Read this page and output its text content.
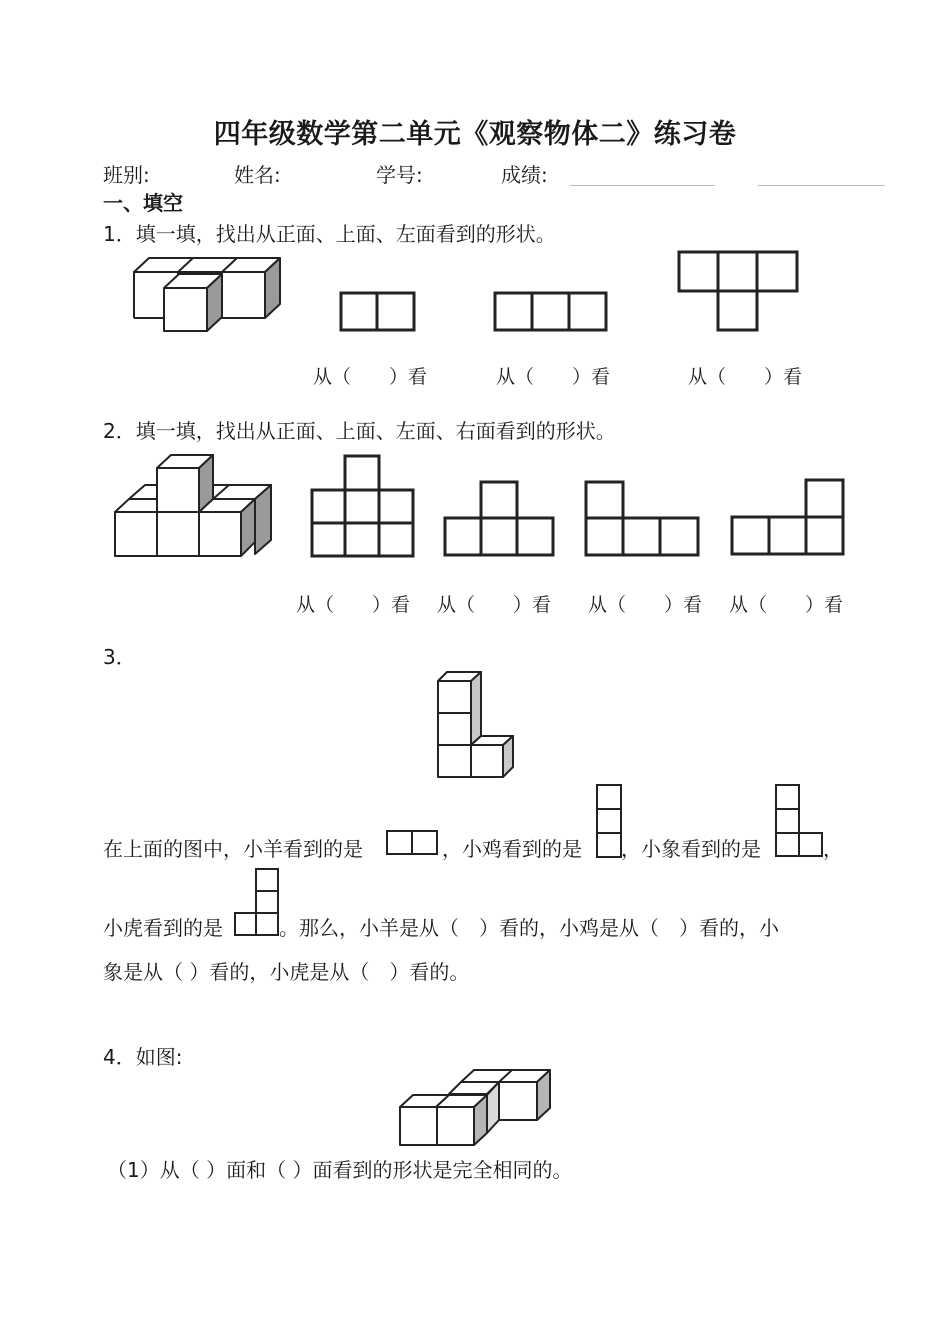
四年级数学第二单元《观察物体二》练习卷
班别:	姓名:	学号:	成绩:
一、填空
1．填一填，找出从正面、上面、左面看到的形状。
从（　　）看	从（　　）看	从（　　）看
2．填一填，找出从正面、上面、左面、右面看到的形状。
从（　　）看 从（　　）看 从（　　）看 从（　　）看
3．
在上面的图中，小羊看到的是	，小鸡看到的是 ，小象看到的是	，
小虎看到的是	。那么，小羊是从（　）看的，小鸡是从（　）看的，小
象是从（ ）看的，小虎是从（　）看的。
4．如图:
（1）从（ ）面和（ ）面看到的形状是完全相同的。
